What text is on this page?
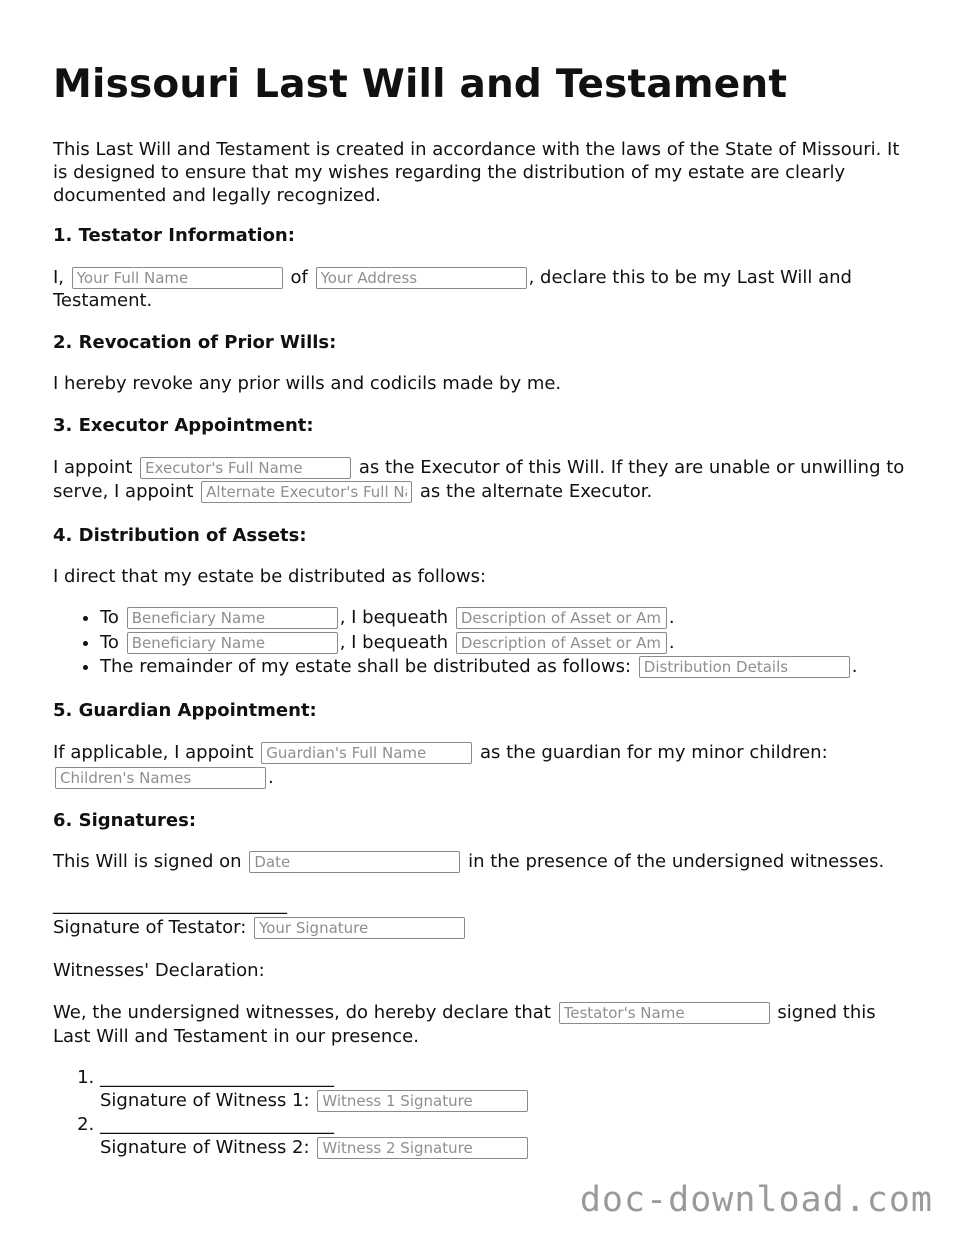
Missouri Last Will and Testament

This Last Will and Testament is created in accordance with the laws of the State of Missouri. It is designed to ensure that my wishes regarding the distribution of my estate are clearly documented and legally recognized.

1. Testator Information:

I, Your Full Name	of Your Address	, declare this to be my Last Will and Testament.

2. Revocation of Prior Wills:

I hereby revoke any prior wills and codicils made by me.

3. Executor Appointment:

I appoint Executor's Full Name	as the Executor of this Will. If they are unable or unwilling to serve, I appoint Alternate Executor's Full Name	as the alternate Executor.

4. Distribution of Assets:

I direct that my estate be distributed as follows:

• To Beneficiary Name	, I bequeath Description of Asset or Amount	.
• To Beneficiary Name	, I bequeath Description of Asset or Amount	.
• The remainder of my estate shall be distributed as follows: Distribution Details	.

5. Guardian Appointment:

If applicable, I appoint Guardian's Full Name	as the guardian for my minor children: Children's Names.

6. Signatures:

This Will is signed on Date	in the presence of the undersigned witnesses.

__________________________
Signature of Testator: Your Signature

Witnesses' Declaration:

We, the undersigned witnesses, do hereby declare that Testator's Name	signed this Last Will and Testament in our presence.

1. __________________________
Signature of Witness 1: Witness 1 Signature
2. __________________________
Signature of Witness 2: Witness 2 Signature
doc-download.com
